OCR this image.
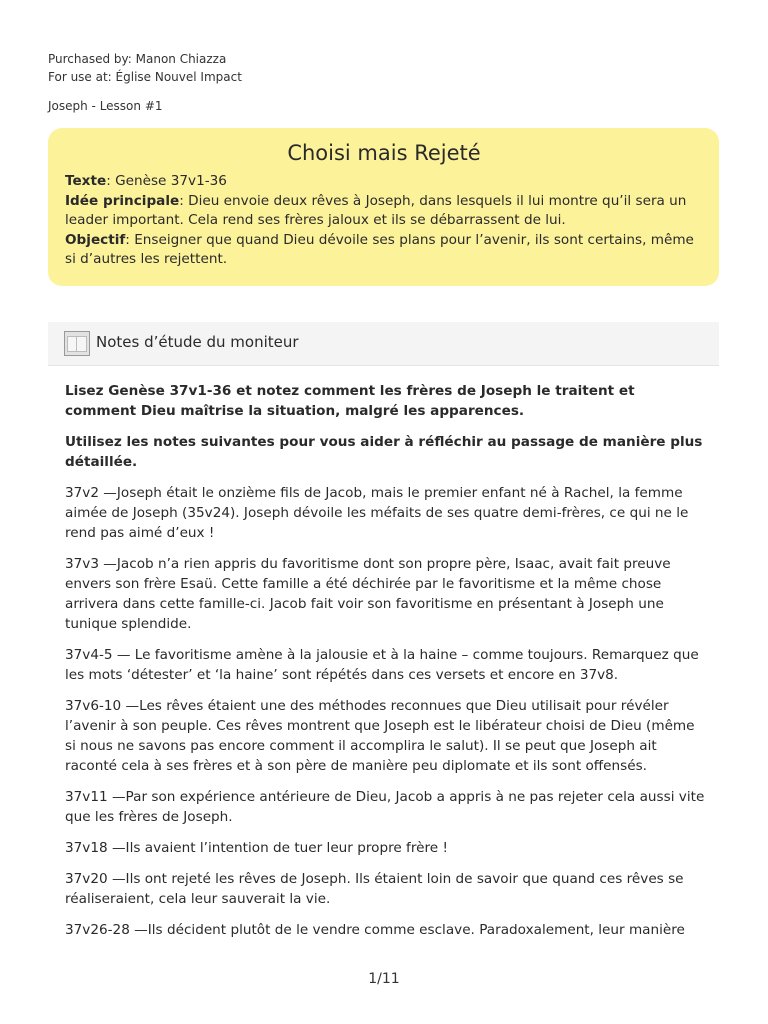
Purchased by: Manon Chiazza
For use at: Église Nouvel Impact
Joseph - Lesson #1
Choisi mais Rejeté

Texte: Genèse 37v1-36

Idée principale: Dieu envoie deux rêves à Joseph, dans lesquels il lui montre qu’il sera un leader important. Cela rend ses frères jaloux et ils se débarrassent de lui.

Objectif: Enseigner que quand Dieu dévoile ses plans pour l’avenir, ils sont certains, même si d’autres les rejettent.

Notes d’étude du moniteur

Lisez Genèse 37v1-36 et notez comment les frères de Joseph le traitent et comment Dieu maîtrise la situation, malgré les apparences.

Utilisez les notes suivantes pour vous aider à réfléchir au passage de manière plus détaillée.

37v2 —Joseph était le onzième fils de Jacob, mais le premier enfant né à Rachel, la femme aimée de Joseph (35v24). Joseph dévoile les méfaits de ses quatre demi-frères, ce qui ne le rend pas aimé d’eux !

37v3 —Jacob n’a rien appris du favoritisme dont son propre père, Isaac, avait fait preuve envers son frère Esaü. Cette famille a été déchirée par le favoritisme et la même chose arrivera dans cette famille-ci. Jacob fait voir son favoritisme en présentant à Joseph une tunique splendide.

37v4-5 — Le favoritisme amène à la jalousie et à la haine – comme toujours. Remarquez que les mots ‘détester’ et ‘la haine’ sont répétés dans ces versets et encore en 37v8.

37v6-10 —Les rêves étaient une des méthodes reconnues que Dieu utilisait pour révéler l’avenir à son peuple. Ces rêves montrent que Joseph est le libérateur choisi de Dieu (même si nous ne savons pas encore comment il accomplira le salut). Il se peut que Joseph ait raconté cela à ses frères et à son père de manière peu diplomate et ils sont offensés.

37v11 —Par son expérience antérieure de Dieu, Jacob a appris à ne pas rejeter cela aussi vite que les frères de Joseph.

37v18 —Ils avaient l’intention de tuer leur propre frère !

37v20 —Ils ont rejeté les rêves de Joseph. Ils étaient loin de savoir que quand ces rêves se réaliseraient, cela leur sauverait la vie.

37v26-28 —Ils décident plutôt de le vendre comme esclave. Paradoxalement, leur manière

1/11
